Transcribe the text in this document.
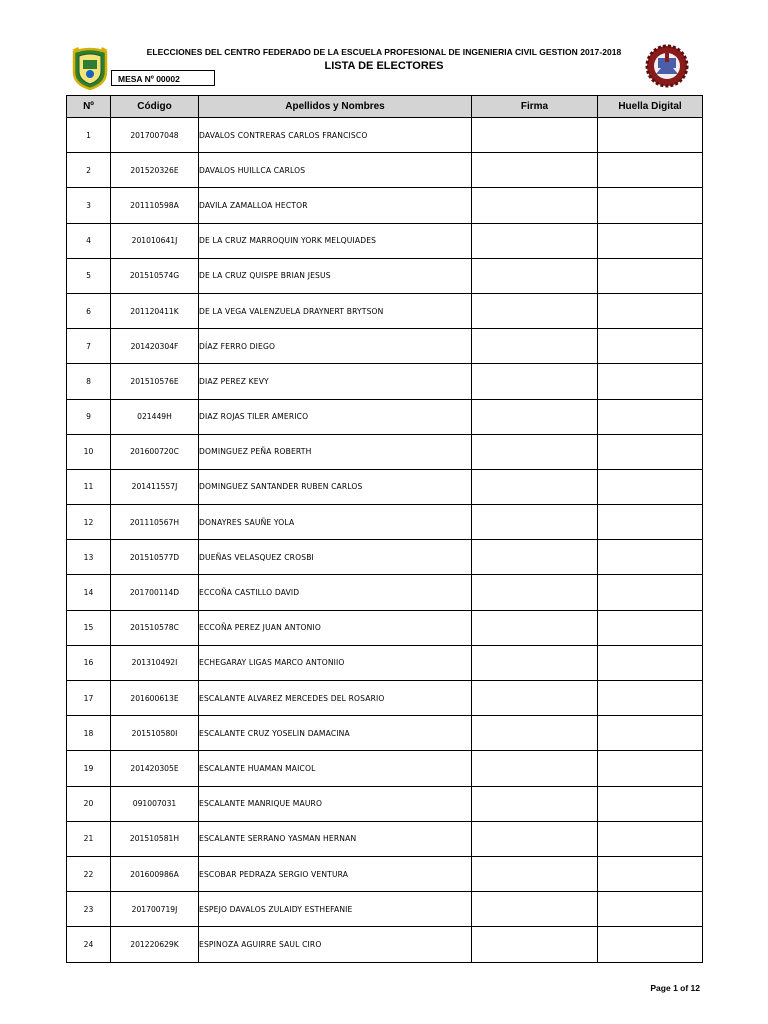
ELECCIONES DEL CENTRO FEDERADO DE LA ESCUELA PROFESIONAL DE INGENIERIA CIVIL GESTION 2017-2018
LISTA DE ELECTORES
MESA Nº 00002
Nº	Código	Apellidos y Nombres	Firma	Huella Digital
1	2017007048	DAVALOS CONTRERAS CARLOS FRANCISCO		
2	201520326E	DAVALOS HUILLCA CARLOS		
3	201110598A	DAVILA ZAMALLOA HECTOR		
4	201010641J	DE LA CRUZ MARROQUIN YORK MELQUIADES		
5	201510574G	DE LA CRUZ QUISPE BRIAN JESUS		
6	201120411K	DE LA VEGA VALENZUELA DRAYNERT BRYTSON		
7	201420304F	DÍAZ FERRO DIEGO		
8	201510576E	DIAZ PEREZ KEVY		
9	021449H	DIAZ ROJAS TILER AMERICO		
10	201600720C	DOMINGUEZ PEÑA ROBERTH		
11	201411557J	DOMINGUEZ SANTANDER RUBEN CARLOS		
12	201110567H	DONAYRES SAUÑE YOLA		
13	201510577D	DUEÑAS VELASQUEZ CROSBI		
14	201700114D	ECCOÑA CASTILLO DAVID		
15	201510578C	ECCOÑA PEREZ JUAN ANTONIO		
16	201310492I	ECHEGARAY LIGAS MARCO ANTONIIO		
17	201600613E	ESCALANTE ALVAREZ MERCEDES DEL ROSARIO		
18	201510580I	ESCALANTE CRUZ YOSELIN DAMACINA		
19	201420305E	ESCALANTE HUAMAN MAICOL		
20	091007031	ESCALANTE MANRIQUE MAURO		
21	201510581H	ESCALANTE SERRANO YASMAN HERNAN		
22	201600986A	ESCOBAR PEDRAZA SERGIO VENTURA		
23	201700719J	ESPEJO DAVALOS ZULAIDY ESTHEFANIE		
24	201220629K	ESPINOZA AGUIRRE SAUL CIRO		
Page 1 of 12
